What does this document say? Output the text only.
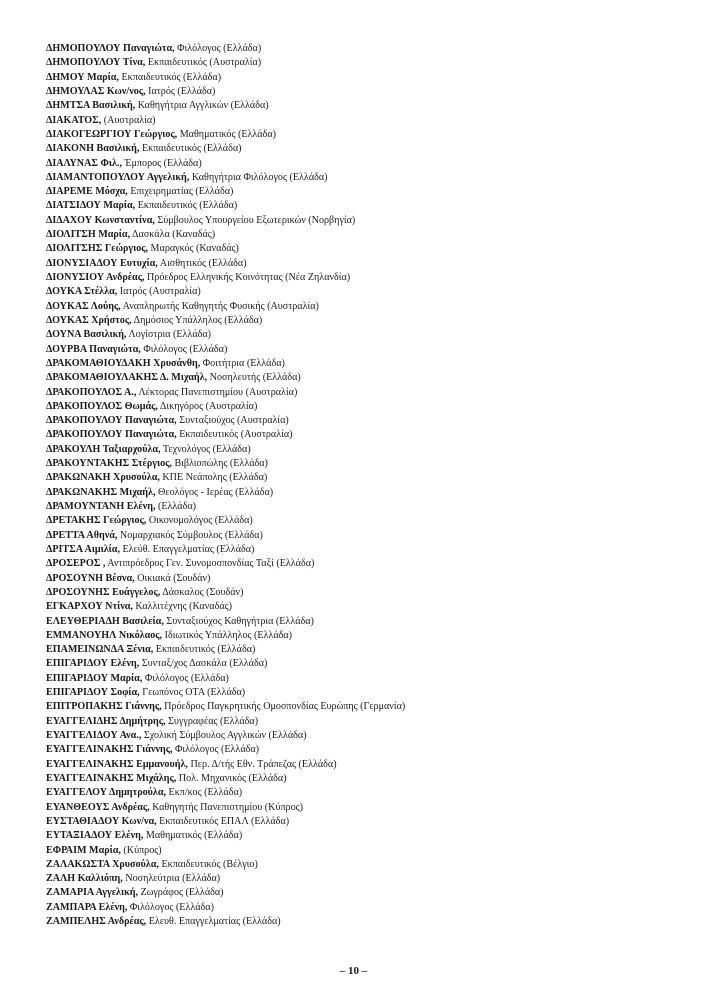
ΔΗΜΟΠΟΥΛΟΥ Παναγιώτα, Φιλόλογος (Ελλάδα)
ΔΗΜΟΠΟΥΛΟΥ Τίνα, Εκπαιδευτικός (Αυστραλία)
ΔΗΜΟΥ Μαρία, Εκπαιδευτικός (Ελλάδα)
ΔΗΜΟΥΛΑΣ Κων/νος, Ιατρός (Ελλάδα)
ΔΗΜΤΣΑ Βασιλική, Καθηγήτρια Αγγλικών (Ελλάδα)
ΔΙΑΚΑΤΟΣ, (Αυστραλία)
ΔΙΑΚΟΓΕΩΡΓΙΟΥ Γεώργιος, Μαθηματικός (Ελλάδα)
ΔΙΑΚΟΝΗ Βασιλική, Εκπαιδευτικός (Ελλάδα)
ΔΙΑΛΥΝΑΣ Φιλ., Έμπορος (Ελλάδα)
ΔΙΑΜΑΝΤΟΠΟΥΛΟΥ Αγγελική, Καθηγήτρια Φιλόλογος (Ελλάδα)
ΔΙΑΡΕΜΕ Μόσχα, Επιχειρηματίας (Ελλάδα)
ΔΙΑΤΣΙΔΟΥ Μαρία, Εκπαιδευτικός (Ελλάδα)
ΔΙΔΑΧΟΥ Κωνσταντίνα, Σύμβουλος Υπουργείου Εξωτερικών (Νορβηγία)
ΔΙΟΛΙΤΣΗ Μαρία, Δασκάλα (Καναδάς)
ΔΙΟΛΙΤΣΗΣ Γεώργιος, Μαραγκός (Καναδάς)
ΔΙΟΝΥΣΙΑΔΟΥ Ευτυχία, Αισθητικός (Ελλάδα)
ΔΙΟΝΥΣΙΟΥ Ανδρέας, Πρόεδρος Ελληνικής Κοινότητας (Νέα Ζηλανδία)
ΔΟΥΚΑ Στέλλα, Ιατρός (Αυστραλία)
ΔΟΥΚΑΣ Λούης, Αναπληρωτής Καθηγητής Φυσικής (Αυστραλία)
ΔΟΥΚΑΣ Χρήστος, Δημόσιος Υπάλληλος (Ελλάδα)
ΔΟΥΝΑ Βασιλική, Λογίστρια (Ελλάδα)
ΔΟΥΡΒΑ Παναγιώτα, Φιλόλογος (Ελλάδα)
ΔΡΑΚΟΜΑΘΙΟΥΔΑΚΗ Χρυσάνθη, Φοιτήτρια (Ελλάδα)
ΔΡΑΚΟΜΑΘΙΟΥΛΑΚΗΣ Δ. Μιχαήλ, Νοσηλευτής (Ελλάδα)
ΔΡΑΚΟΠΟΥΛΟΣ Α., Λέκτορας Πανεπιστημίου (Αυστραλία)
ΔΡΑΚΟΠΟΥΛΟΣ Θωμάς, Δικηγόρος (Αυστραλία)
ΔΡΑΚΟΠΟΥΛΟΥ Παναγιώτα, Συνταξιούχος (Αυστραλία)
ΔΡΑΚΟΠΟΥΛΟΥ Παναγιώτα, Εκπαιδευτικός (Αυστραλία)
ΔΡΑΚΟΥΛΗ Ταξιαρχούλα, Τεχνολόγος (Ελλάδα)
ΔΡΑΚΟΥΝΤΑΚΗΣ Στέργιος, Βιβλιοπώλης (Ελλάδα)
ΔΡΑΚΩΝΑΚΗ Χρυσούλα, ΚΠΕ Νεάπολης (Ελλάδα)
ΔΡΑΚΩΝΑΚΗΣ Μιχαήλ, Θεολόγος - Ιερέας (Ελλάδα)
ΔΡΑΜΟΥΝΤΑΝΗ Ελένη, (Ελλάδα)
ΔΡΕΤΑΚΗΣ Γεώργιος, Οικονομολόγος (Ελλάδα)
ΔΡΕΤΤΑ Αθηνά, Νομαρχιακός Σύμβουλος (Ελλάδα)
ΔΡΙΤΣΑ Αιμιλία, Ελεύθ. Επαγγελματίας (Ελλάδα)
ΔΡΟΣΕΡΟΣ , Αντιπρόεδρος Γεν. Συνομοσπονδίας Ταξί (Ελλάδα)
ΔΡΟΣΟΥΝΗ Βέσνα, Οικιακά (Σουδάν)
ΔΡΟΣΟΥΝΗΣ Ευάγγελος, Δάσκαλος (Σουδάν)
ΕΓΚΑΡΧΟΥ Ντίνα, Καλλιτέχνης (Καναδάς)
ΕΛΕΥΘΕΡΙΑΔΗ Βασιλεία, Συνταξιούχος Καθηγήτρια (Ελλάδα)
ΕΜΜΑΝΟΥΗΛ Νικόλαος, Ιδιωτικός Υπάλληλος (Ελλάδα)
ΕΠΑΜΕΙΝΩΝΔΑ Ξένια, Εκπαιδευτικός (Ελλάδα)
ΕΠΙΓΑΡΙΔΟΥ Ελένη, Συνταξ/χος Δασκάλα (Ελλάδα)
ΕΠΙΓΑΡΙΔΟΥ Μαρία, Φιλόλογος (Ελλάδα)
ΕΠΙΓΑΡΙΔΟΥ Σοφία, Γεωπόνος ΟΤΑ (Ελλάδα)
ΕΠΙΤΡΟΠΑΚΗΣ Γιάννης, Πρόεδρος Παγκρητικής Ομοσπονδίας Ευρώπης (Γερμανία)
ΕΥΑΓΓΕΛΙΔΗΣ Δημήτρης, Συγγραφέας (Ελλάδα)
ΕΥΑΓΓΕΛΙΔΟΥ Ανα., Σχολική Σύμβουλος Αγγλικών (Ελλάδα)
ΕΥΑΓΓΕΛΙΝΑΚΗΣ Γιάννης, Φιλόλογος (Ελλάδα)
ΕΥΑΓΓΕΛΙΝΑΚΗΣ Εμμανουήλ, Περ. Δ/τής Εθν. Τράπεζας (Ελλάδα)
ΕΥΑΓΓΕΛΙΝΑΚΗΣ Μιχάλης, Πολ. Μηχανικός (Ελλάδα)
ΕΥΑΓΓΕΛΟΥ Δημητρούλα, Εκπ/κος (Ελλάδα)
ΕΥΑΝΘΕΟΥΣ Ανδρέας, Καθηγητής Πανεπιστημίου (Κύπρος)
ΕΥΣΤΑΘΙΑΔΟΥ Κων/να, Εκπαιδευτικός ΕΠΑΛ (Ελλάδα)
ΕΥΤΑΞΙΑΔΟΥ Ελένη, Μαθηματικός (Ελλάδα)
ΕΦΡΑΙΜ Μαρία, (Κύπρος)
ΖΑΛΑΚΩΣΤΑ Χρυσούλα, Εκπαιδευτικός (Βέλγιο)
ΖΑΛΗ Καλλιόπη, Νοσηλεύτρια (Ελλάδα)
ΖΑΜΑΡΙΑ Αγγελική, Ζωγράφος (Ελλάδα)
ΖΑΜΠΑΡΑ Ελένη, Φιλόλογος (Ελλάδα)
ΖΑΜΠΕΛΗΣ Ανδρέας, Ελευθ. Επαγγελματίας (Ελλάδα)
– 10 –
